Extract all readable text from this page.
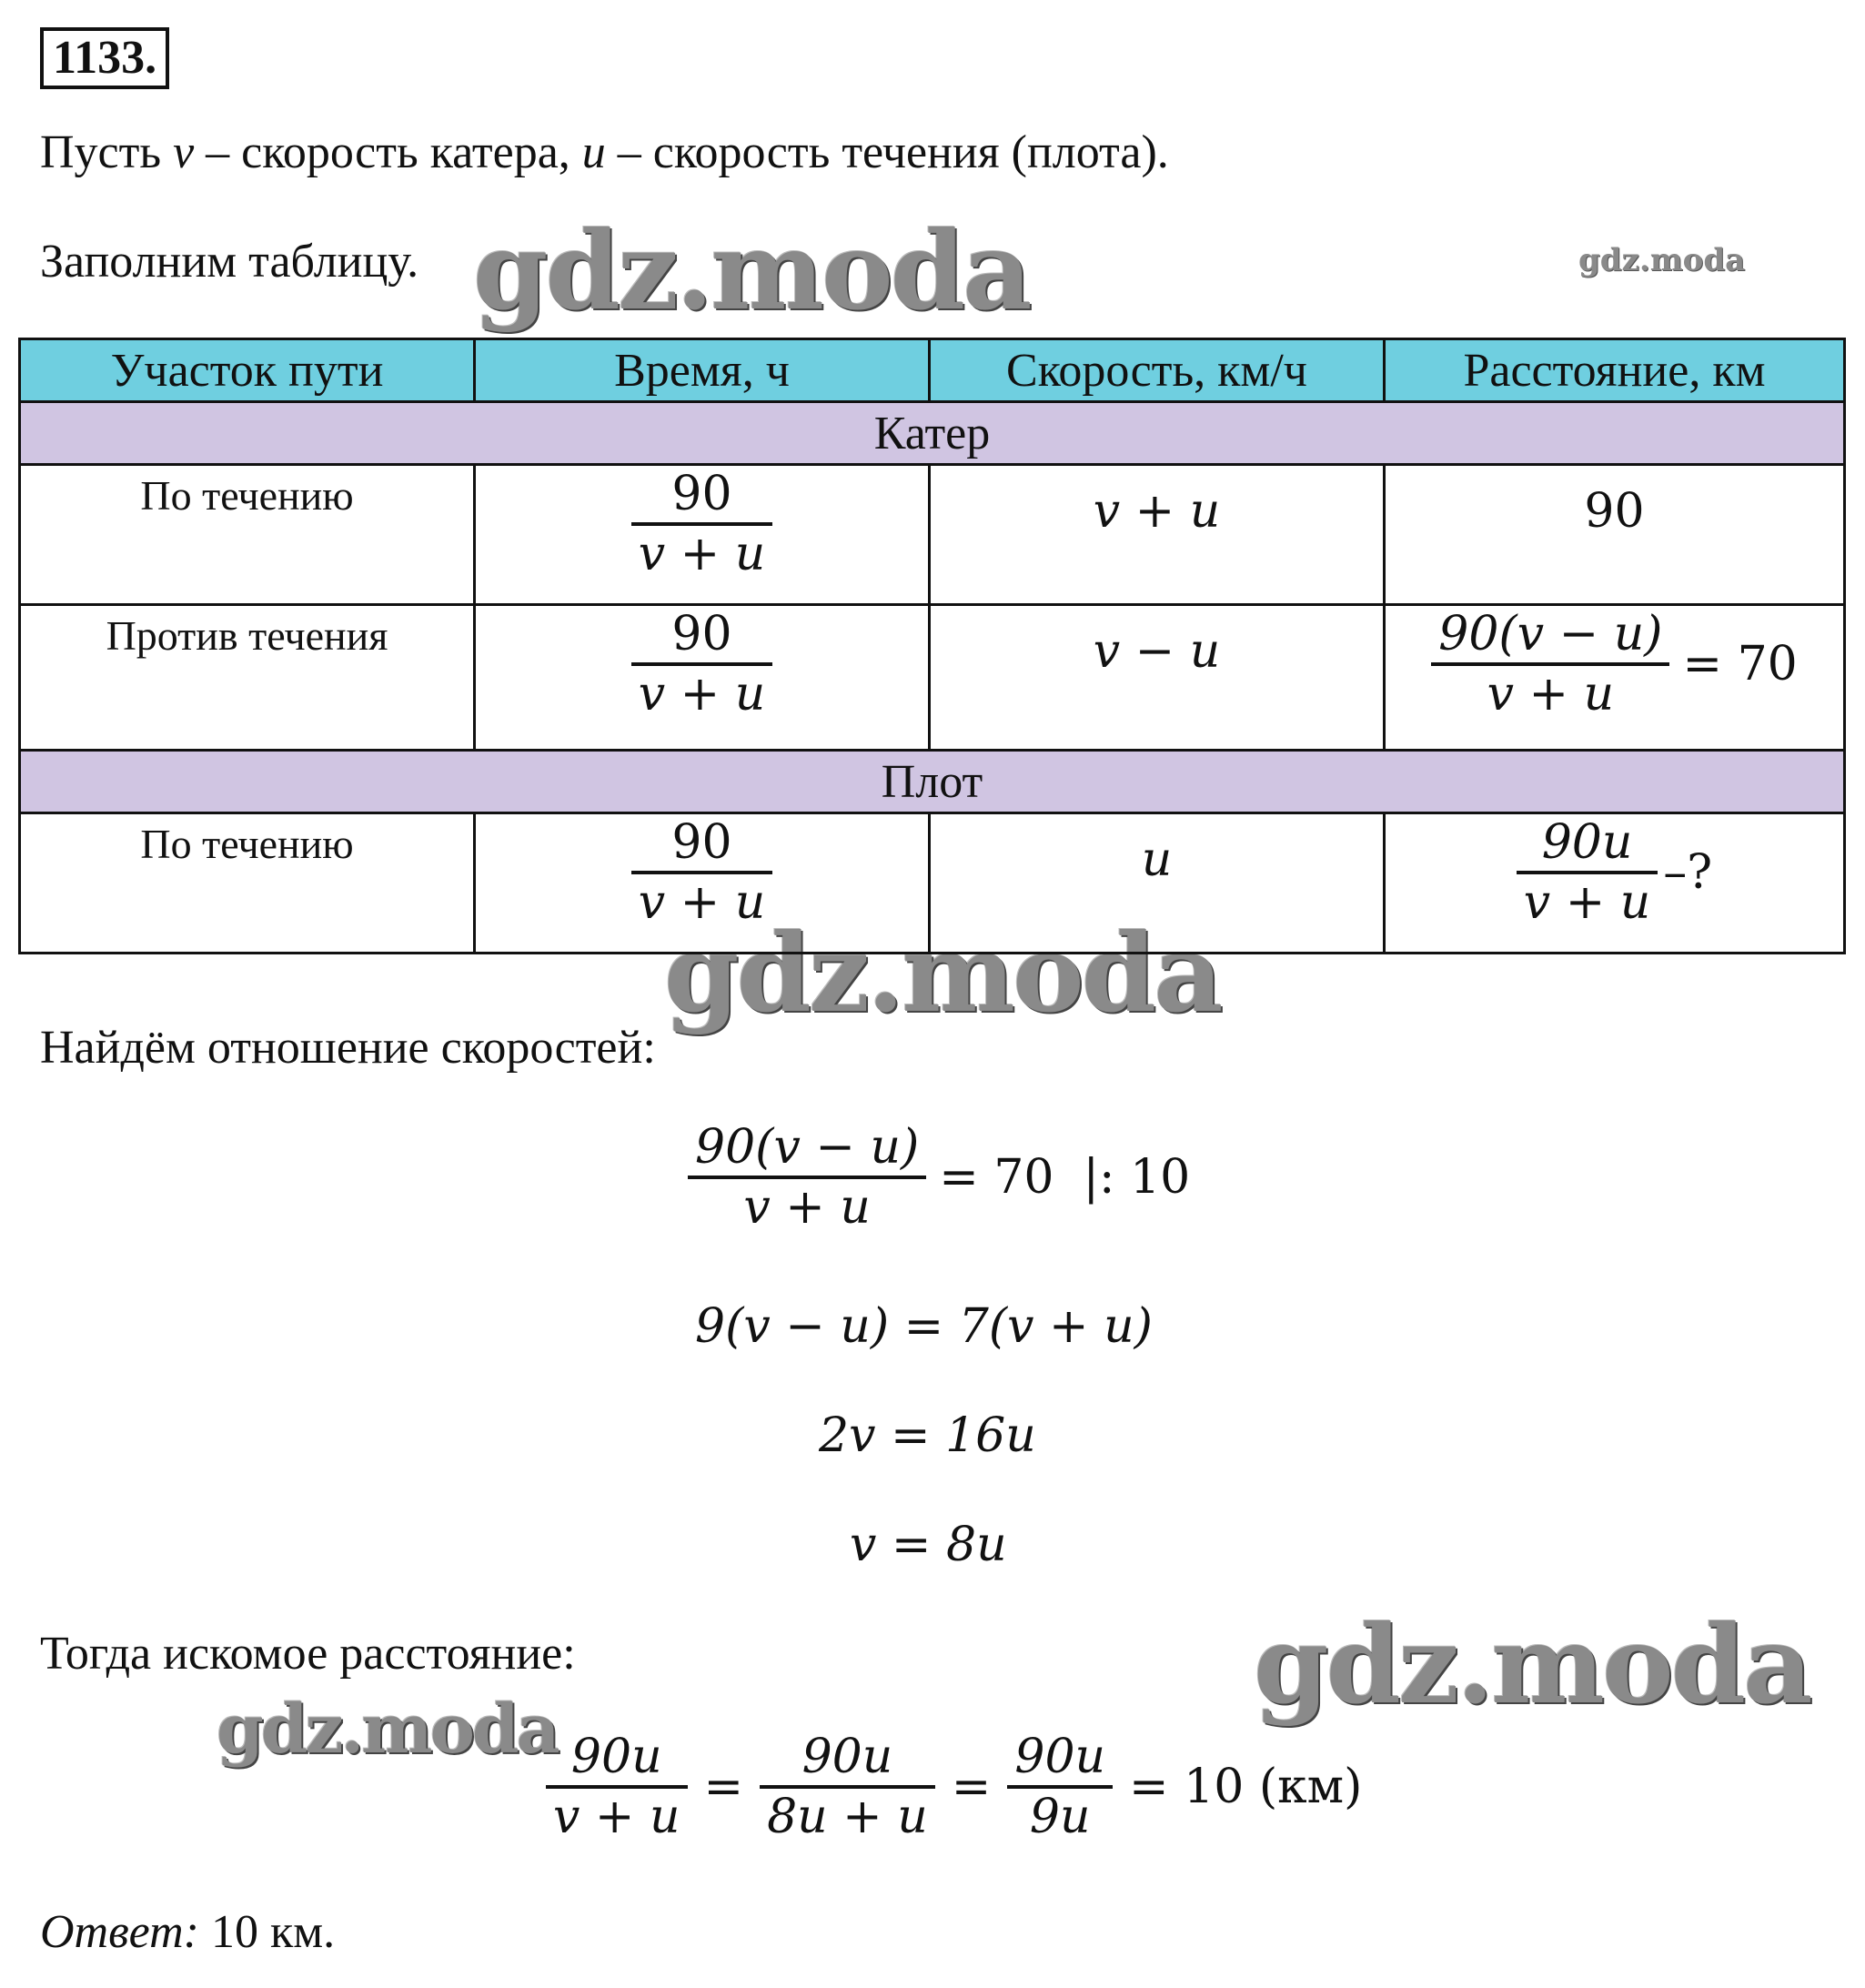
1133.
Пусть v – скорость катера, u – скорость течения (плота).
Заполним таблицу. gdz.moda	gdz.moda
gdz.moda
gdz.moda
gdz.moda
Участок пути	Время, ч	Скорость, км/ч	Расстояние, км
Катер			
По течению	$\frac{90}{v + u}$	v + u	90
Против течения	$\frac{90}{v + u}$	v − u	$\frac{90(v - u)}{v + u} = 70$

Плот			
По течению	$\frac{90}{v + u}$	u	$\frac{90u}{v + u}$ –?
Найдём отношение скоростей:
$\frac{90(v - u)}{v + u} = 70$ |: 10
9(v − u) = 7(v + u)
2v = 16u
v = 8u
Тогда искомое расстояние:
$\frac{90u}{v + u} = \frac{90u}{8u + u} = \frac{90u}{9u} = 10$ (км)
Ответ: 10 км.
